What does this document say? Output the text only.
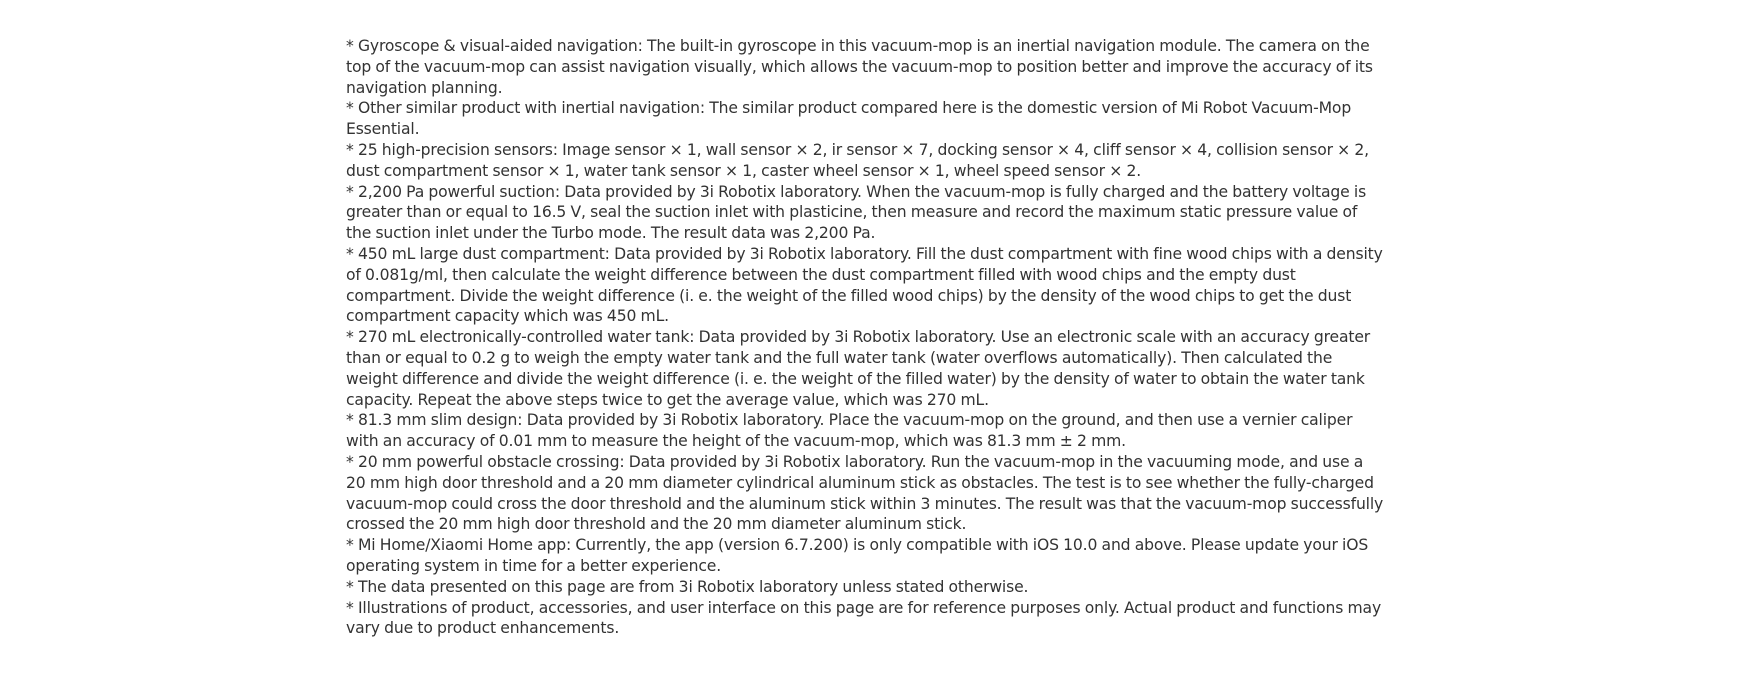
* Gyroscope & visual-aided navigation: The built-in gyroscope in this vacuum-mop is an inertial navigation module. The camera on the top of the vacuum-mop can assist navigation visually, which allows the vacuum-mop to position better and improve the accuracy of its navigation planning.

* Other similar product with inertial navigation: The similar product compared here is the domestic version of Mi Robot Vacuum-Mop Essential.

* 25 high-precision sensors: Image sensor × 1, wall sensor × 2, ir sensor × 7, docking sensor × 4, cliff sensor × 4, collision sensor × 2, dust compartment sensor × 1, water tank sensor × 1, caster wheel sensor × 1, wheel speed sensor × 2.

* 2,200 Pa powerful suction: Data provided by 3i Robotix laboratory. When the vacuum-mop is fully charged and the battery voltage is greater than or equal to 16.5 V, seal the suction inlet with plasticine, then measure and record the maximum static pressure value of the suction inlet under the Turbo mode. The result data was 2,200 Pa.

* 450 mL large dust compartment: Data provided by 3i Robotix laboratory. Fill the dust compartment with fine wood chips with a density of 0.081g/ml, then calculate the weight difference between the dust compartment filled with wood chips and the empty dust compartment. Divide the weight difference (i. e. the weight of the filled wood chips) by the density of the wood chips to get the dust compartment capacity which was 450 mL.

* 270 mL electronically-controlled water tank: Data provided by 3i Robotix laboratory. Use an electronic scale with an accuracy greater than or equal to 0.2 g to weigh the empty water tank and the full water tank (water overflows automatically). Then calculated the weight difference and divide the weight difference (i. e. the weight of the filled water) by the density of water to obtain the water tank capacity. Repeat the above steps twice to get the average value, which was 270 mL.

* 81.3 mm slim design: Data provided by 3i Robotix laboratory. Place the vacuum-mop on the ground, and then use a vernier caliper with an accuracy of 0.01 mm to measure the height of the vacuum-mop, which was 81.3 mm ± 2 mm.

* 20 mm powerful obstacle crossing: Data provided by 3i Robotix laboratory. Run the vacuum-mop in the vacuuming mode, and use a 20 mm high door threshold and a 20 mm diameter cylindrical aluminum stick as obstacles. The test is to see whether the fully-charged vacuum-mop could cross the door threshold and the aluminum stick within 3 minutes. The result was that the vacuum-mop successfully crossed the 20 mm high door threshold and the 20 mm diameter aluminum stick.

* Mi Home/Xiaomi Home app: Currently, the app (version 6.7.200) is only compatible with iOS 10.0 and above. Please update your iOS operating system in time for a better experience.

* The data presented on this page are from 3i Robotix laboratory unless stated otherwise.

* Illustrations of product, accessories, and user interface on this page are for reference purposes only. Actual product and functions may vary due to product enhancements.
